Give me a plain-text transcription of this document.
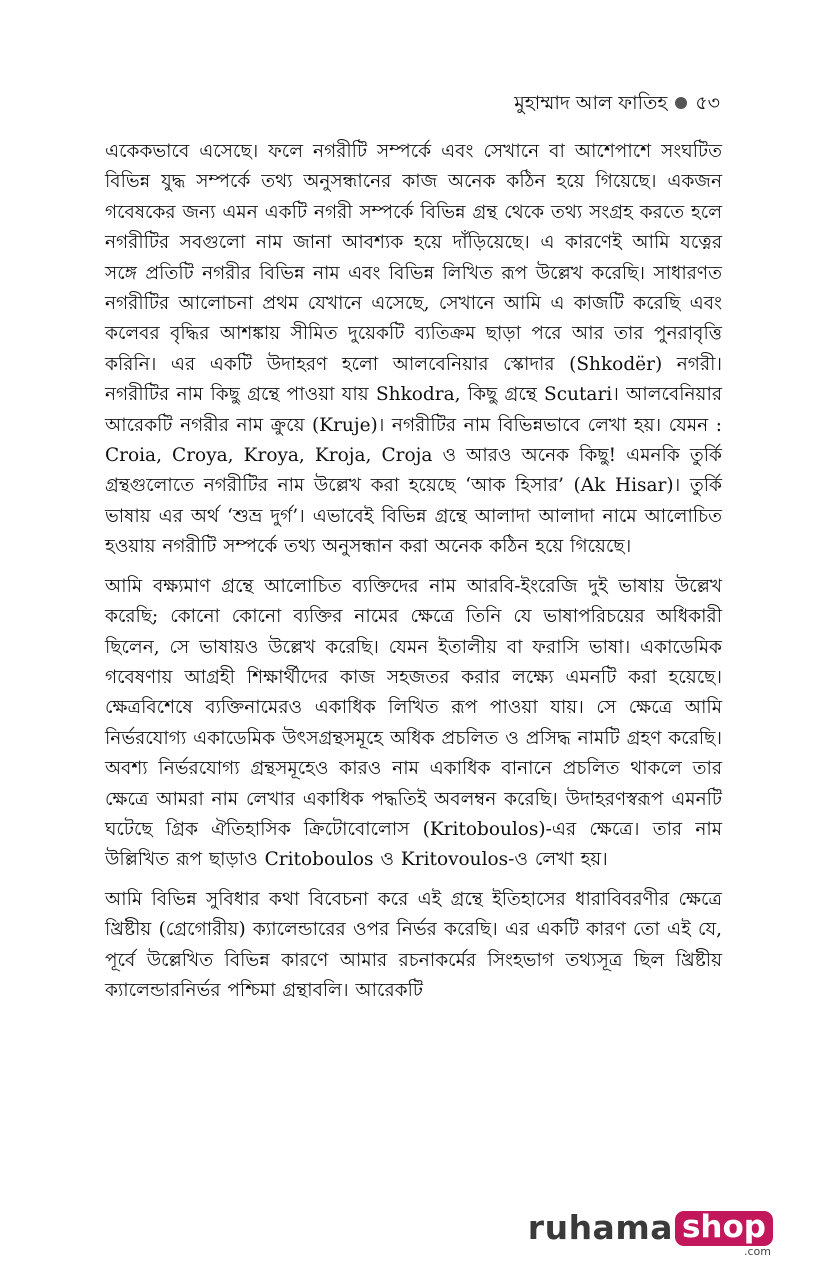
মুহাম্মাদ আল ফাতিহ ৫৩

একেকভাবে এসেছে। ফলে নগরীটি সম্পর্কে এবং সেখানে বা আশেপাশে সংঘটিত বিভিন্ন যুদ্ধ সম্পর্কে তথ্য অনুসন্ধানের কাজ অনেক কঠিন হয়ে গিয়েছে। একজন গবেষকের জন্য এমন একটি নগরী সম্পর্কে বিভিন্ন গ্রন্থ থেকে তথ্য সংগ্রহ করতে হলে নগরীটির সবগুলো নাম জানা আবশ্যক হয়ে দাঁড়িয়েছে। এ কারণেই আমি যত্নের সঙ্গে প্রতিটি নগরীর বিভিন্ন নাম এবং বিভিন্ন লিখিত রূপ উল্লেখ করেছি। সাধারণত নগরীটির আলোচনা প্রথম যেখানে এসেছে, সেখানে আমি এ কাজটি করেছি এবং কলেবর বৃদ্ধির আশঙ্কায় সীমিত দুয়েকটি ব্যতিক্রম ছাড়া পরে আর তার পুনরাবৃত্তি করিনি। এর একটি উদাহরণ হলো আলবেনিয়ার স্কোদার (Shkodër) নগরী। নগরীটির নাম কিছু গ্রন্থে পাওয়া যায় Shkodra, কিছু গ্রন্থে Scutari। আলবেনিয়ার আরেকটি নগরীর নাম ক্রুয়ে (Kruje)। নগরীটির নাম বিভিন্নভাবে লেখা হয়। যেমন : Croia, Croya, Kroya, Kroja, Croja ও আরও অনেক কিছু! এমনকি তুর্কি গ্রন্থগুলোতে নগরীটির নাম উল্লেখ করা হয়েছে ‘আক হিসার’ (Ak Hisar)। তুর্কি ভাষায় এর অর্থ ‘শুভ্র দুর্গ’। এভাবেই বিভিন্ন গ্রন্থে আলাদা আলাদা নামে আলোচিত হওয়ায় নগরীটি সম্পর্কে তথ্য অনুসন্ধান করা অনেক কঠিন হয়ে গিয়েছে।

আমি বক্ষ্যমাণ গ্রন্থে আলোচিত ব্যক্তিদের নাম আরবি-ইংরেজি দুই ভাষায় উল্লেখ করেছি; কোনো কোনো ব্যক্তির নামের ক্ষেত্রে তিনি যে ভাষাপরিচয়ের অধিকারী ছিলেন, সে ভাষায়ও উল্লেখ করেছি। যেমন ইতালীয় বা ফরাসি ভাষা। একাডেমিক গবেষণায় আগ্রহী শিক্ষার্থীদের কাজ সহজতর করার লক্ষ্যে এমনটি করা হয়েছে। ক্ষেত্রবিশেষে ব্যক্তিনামেরও একাধিক লিখিত রূপ পাওয়া যায়। সে ক্ষেত্রে আমি নির্ভরযোগ্য একাডেমিক উৎসগ্রন্থসমূহে অধিক প্রচলিত ও প্রসিদ্ধ নামটি গ্রহণ করেছি। অবশ্য নির্ভরযোগ্য গ্রন্থসমূহেও কারও নাম একাধিক বানানে প্রচলিত থাকলে তার ক্ষেত্রে আমরা নাম লেখার একাধিক পদ্ধতিই অবলম্বন করেছি। উদাহরণস্বরূপ এমনটি ঘটেছে গ্রিক ঐতিহাসিক ক্রিটোবোলোস (Kritoboulos)-এর ক্ষেত্রে। তার নাম উল্লিখিত রূপ ছাড়াও Critoboulos ও Kritovoulos-ও লেখা হয়।

আমি বিভিন্ন সুবিধার কথা বিবেচনা করে এই গ্রন্থে ইতিহাসের ধারাবিবরণীর ক্ষেত্রে খ্রিষ্টীয় (গ্রেগোরীয়) ক্যালেন্ডারের ওপর নির্ভর করেছি। এর একটি কারণ তো এই যে, পূর্বে উল্লেখিত বিভিন্ন কারণে আমার রচনাকর্মের সিংহভাগ তথ্যসূত্র ছিল খ্রিষ্টীয় ক্যালেন্ডারনির্ভর পশ্চিমা গ্রন্থাবলি। আরেকটি

ruhama shop
.com
